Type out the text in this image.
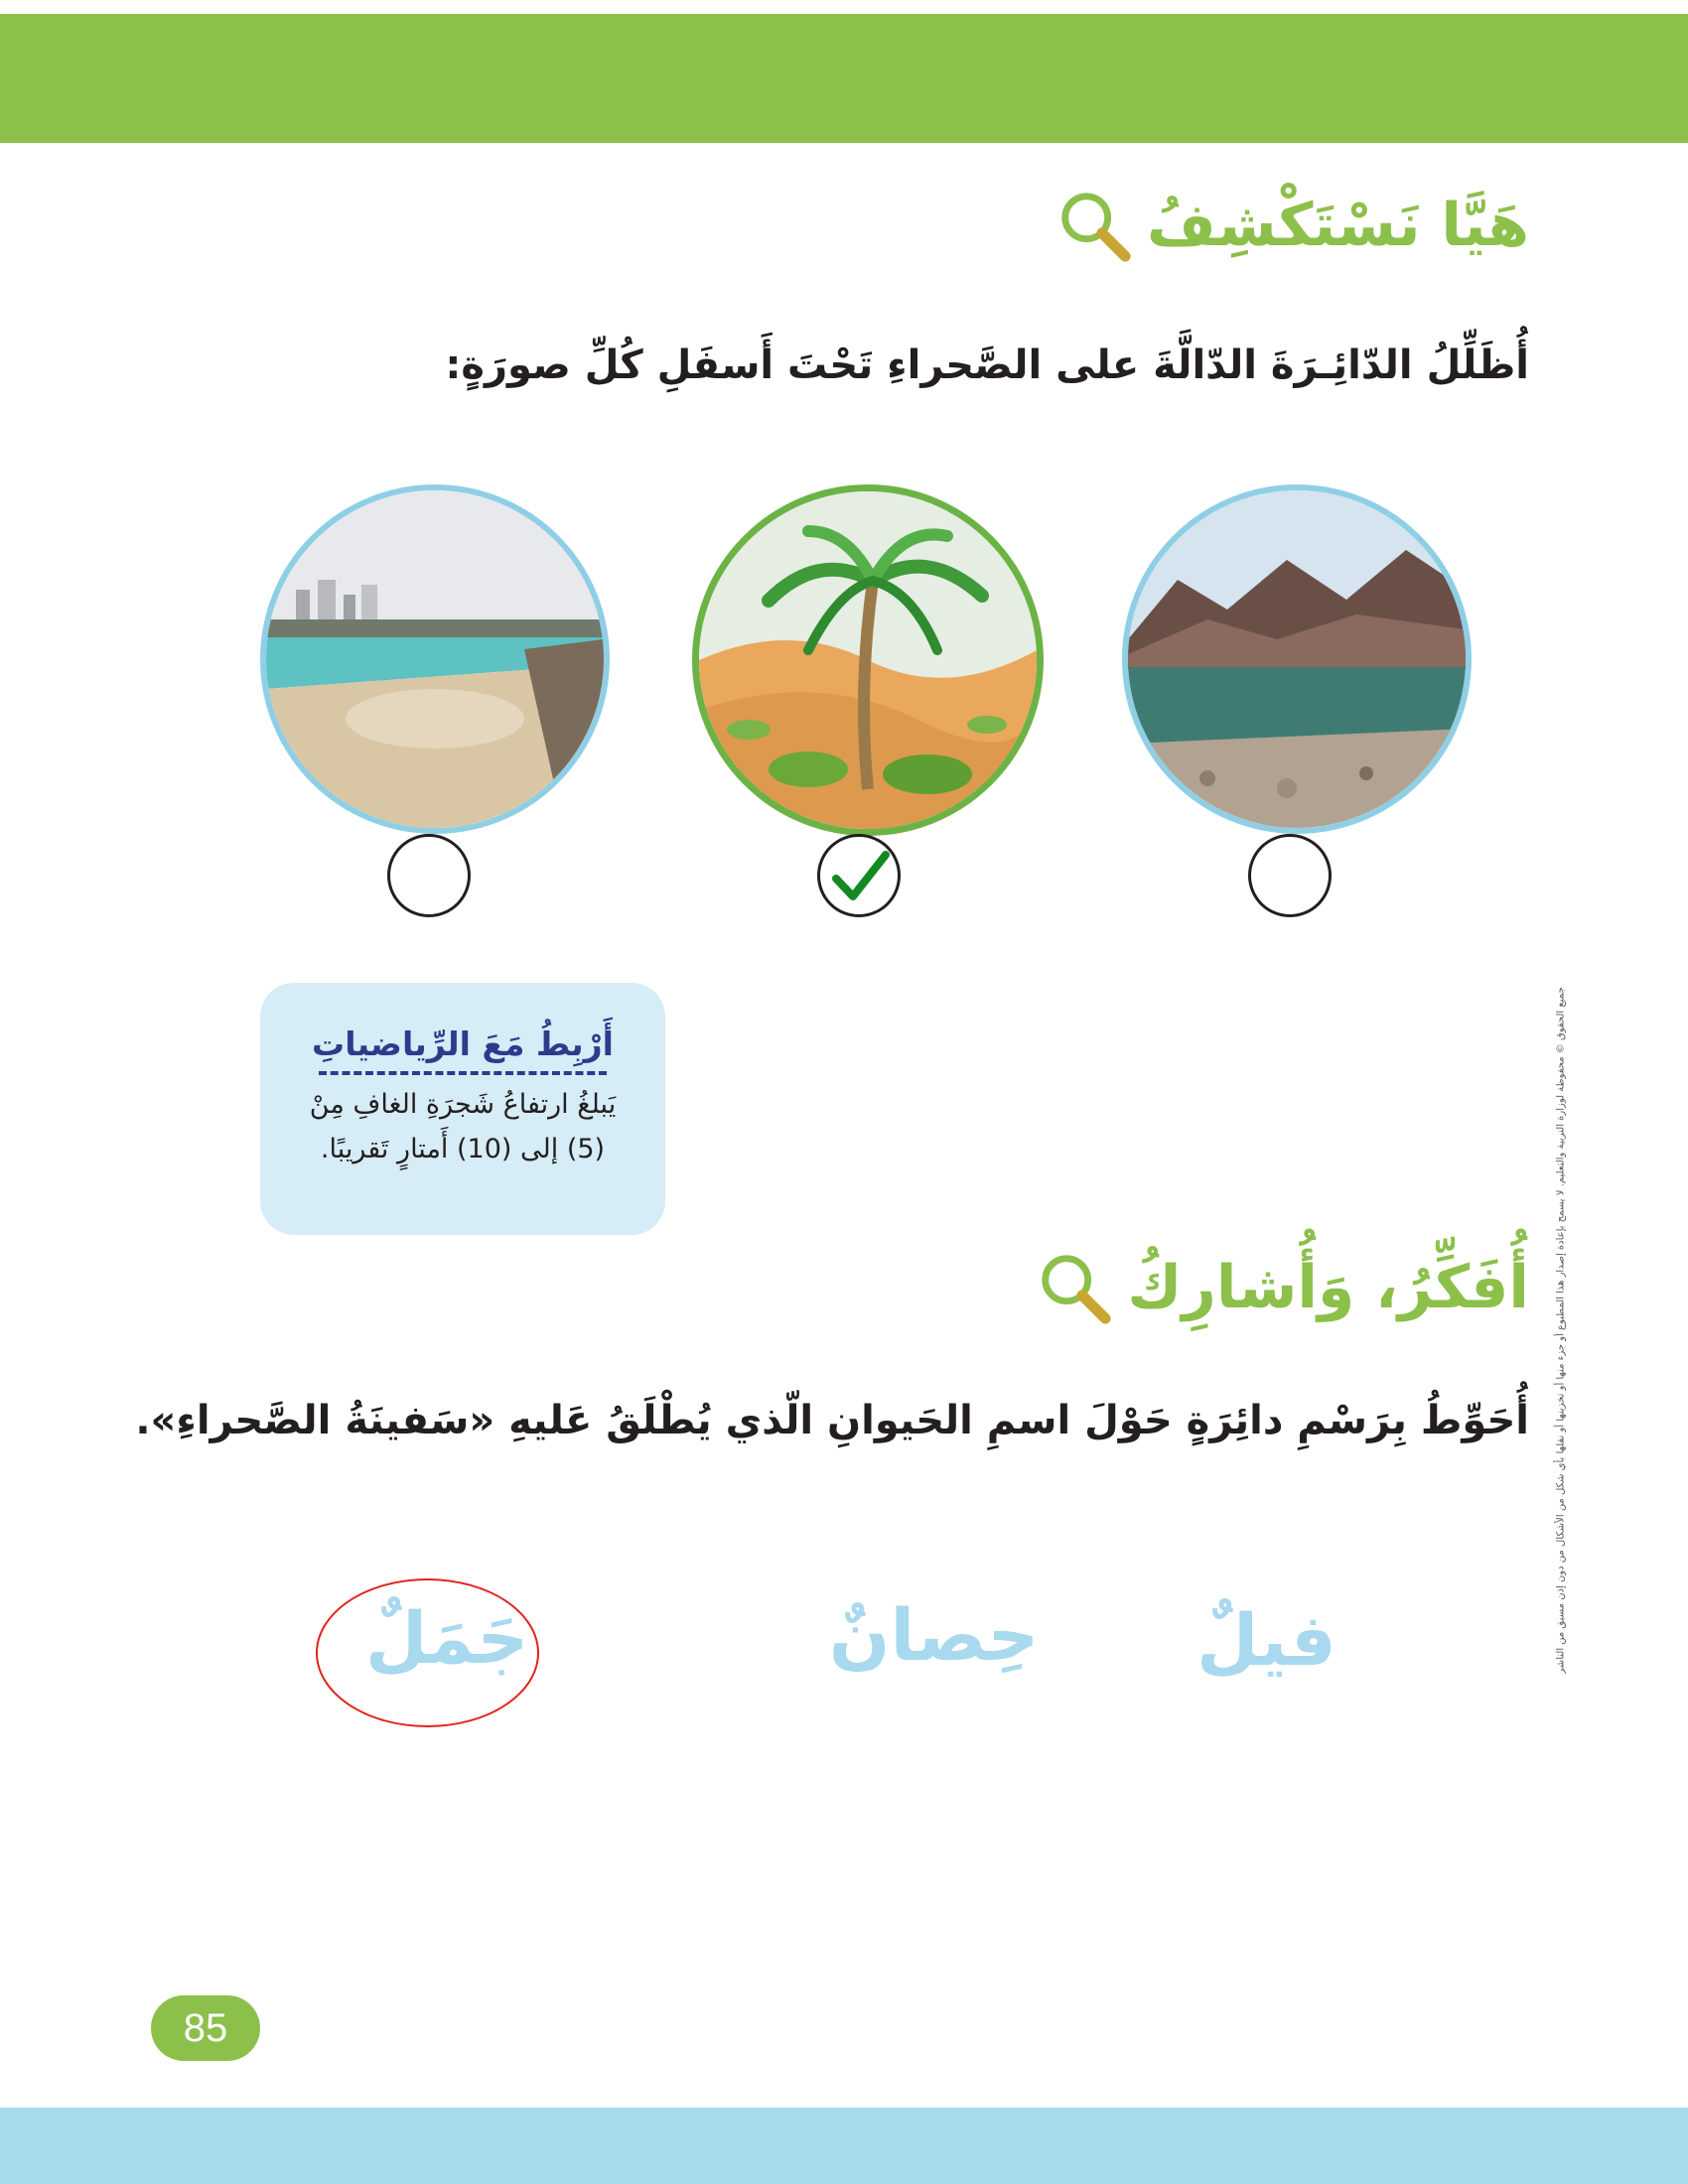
هَيَّا نَسْتَكْشِفُ
أُظَلِّلُ الدّائِـرَةَ الدّالَّةَ على الصَّحراءِ تَحْتَ أَسفَلِ كُلِّ صورَةٍ:
أَرْبِطُ مَعَ الرِّياضياتِ
يَبلغُ ارتفاعُ شَجرَةِ الغافِ مِنْ
(5) إلى (10) أَمتارٍ تَقريبًا.
أُفَكِّرُ، وَأُشارِكُ
أُحَوِّطُ بِرَسْمِ دائِرَةٍ حَوْلَ اسمِ الحَيوانِ الّذي يُطْلَقُ عَليهِ «سَفينَةُ الصَّحراءِ».
فيلٌ
حِصانٌ
جَمَلٌ	جميع الحقوق © محفوظة لوزارة التربية والتعليم. لا يسمح بإعادة إصدار هذا المطبوع أو جزء منها أو تخزينها أو نقلها بأي شكل من الأشكال من دون إذن مسبق من الناشر
85
